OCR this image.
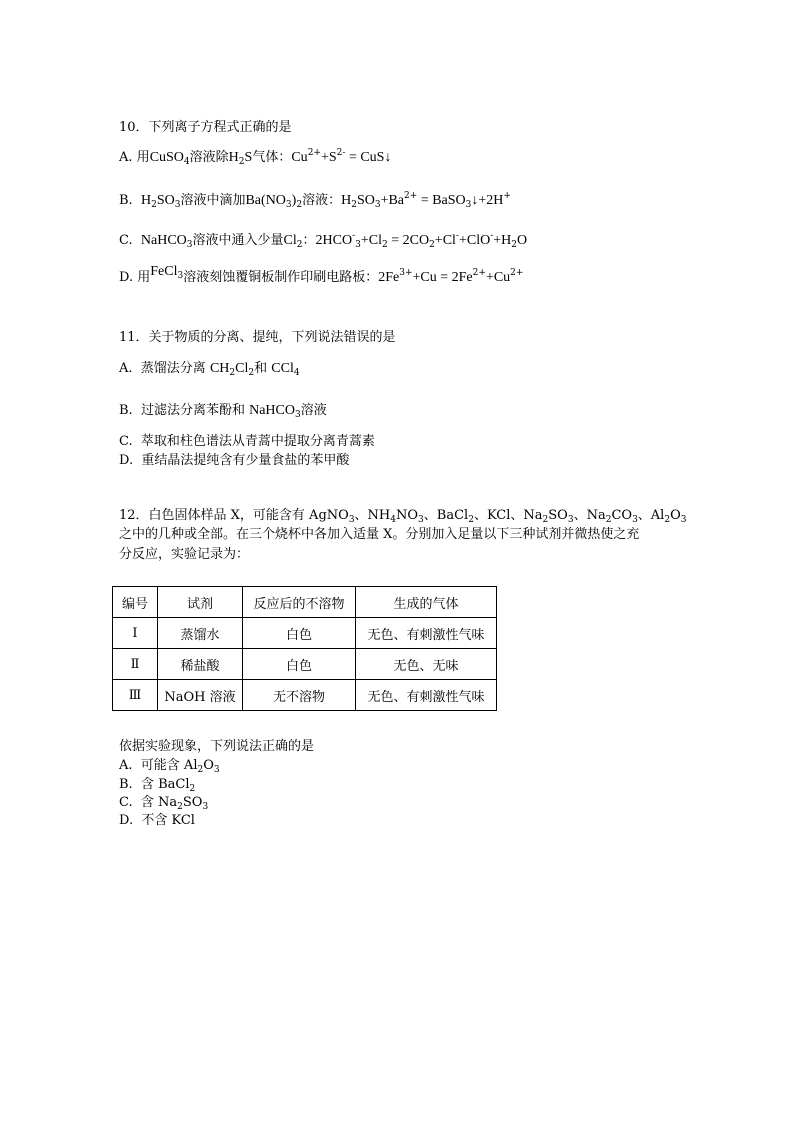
10．下列离子方程式正确的是
A. 用CuSO$_4$溶液除$H_2S$气体：$Cu^{2+}+S^{2-}$ = CuS↓
B. $H_2SO_3$溶液中滴加$Ba(NO_3)_2$溶液：$H_2SO_3+Ba^{2+}$ = BaSO$_3$↓+2H+
C. NaHCO$_3$溶液中通入少量$Cl_2$：$2HCO^-_3+Cl_2 = 2CO_2+Cl^-+ClO^-+H_2O$
D. 用FeCl$_3$溶液刻蚀覆铜板制作印刷电路板：$2Fe^{3+}+Cu = 2Fe^{2+}+Cu^{2+}$
11．关于物质的分离、提纯，下列说法错误的是
A. 蒸馏法分离 $CH_2Cl_2$和 CCl$_4$
B. 过滤法分离苯酚和 NaHCO$_3$溶液
C. 萃取和柱色谱法从青蒿中提取分离青蒿素
D. 重结晶法提纯含有少量食盐的苯甲酸
12．白色固体样品 X，可能含有 AgNO$_3$、$NH_4NO_3$、BaCl$_2$、KCl、$Na_2SO_3$、$Na_2CO_3$、$Al_2O_3$
之中的几种或全部。在三个烧杯中各加入适量 X。分别加入足量以下三种试剂并微热使之充
分反应，实验记录为：
编号	试剂	反应后的不溶物	生成的气体
Ⅰ	蒸馏水	白色	无色、有刺激性气味
Ⅱ	稀盐酸	白色	无色、无味
Ⅲ	NaOH 溶液	无不溶物	无色、有刺激性气味
依据实验现象，下列说法正确的是
A. 可能含 $Al_2O_3$
B. 含 BaCl$_2$
C. 含 $Na_2SO_3$
D. 不含 KCl
